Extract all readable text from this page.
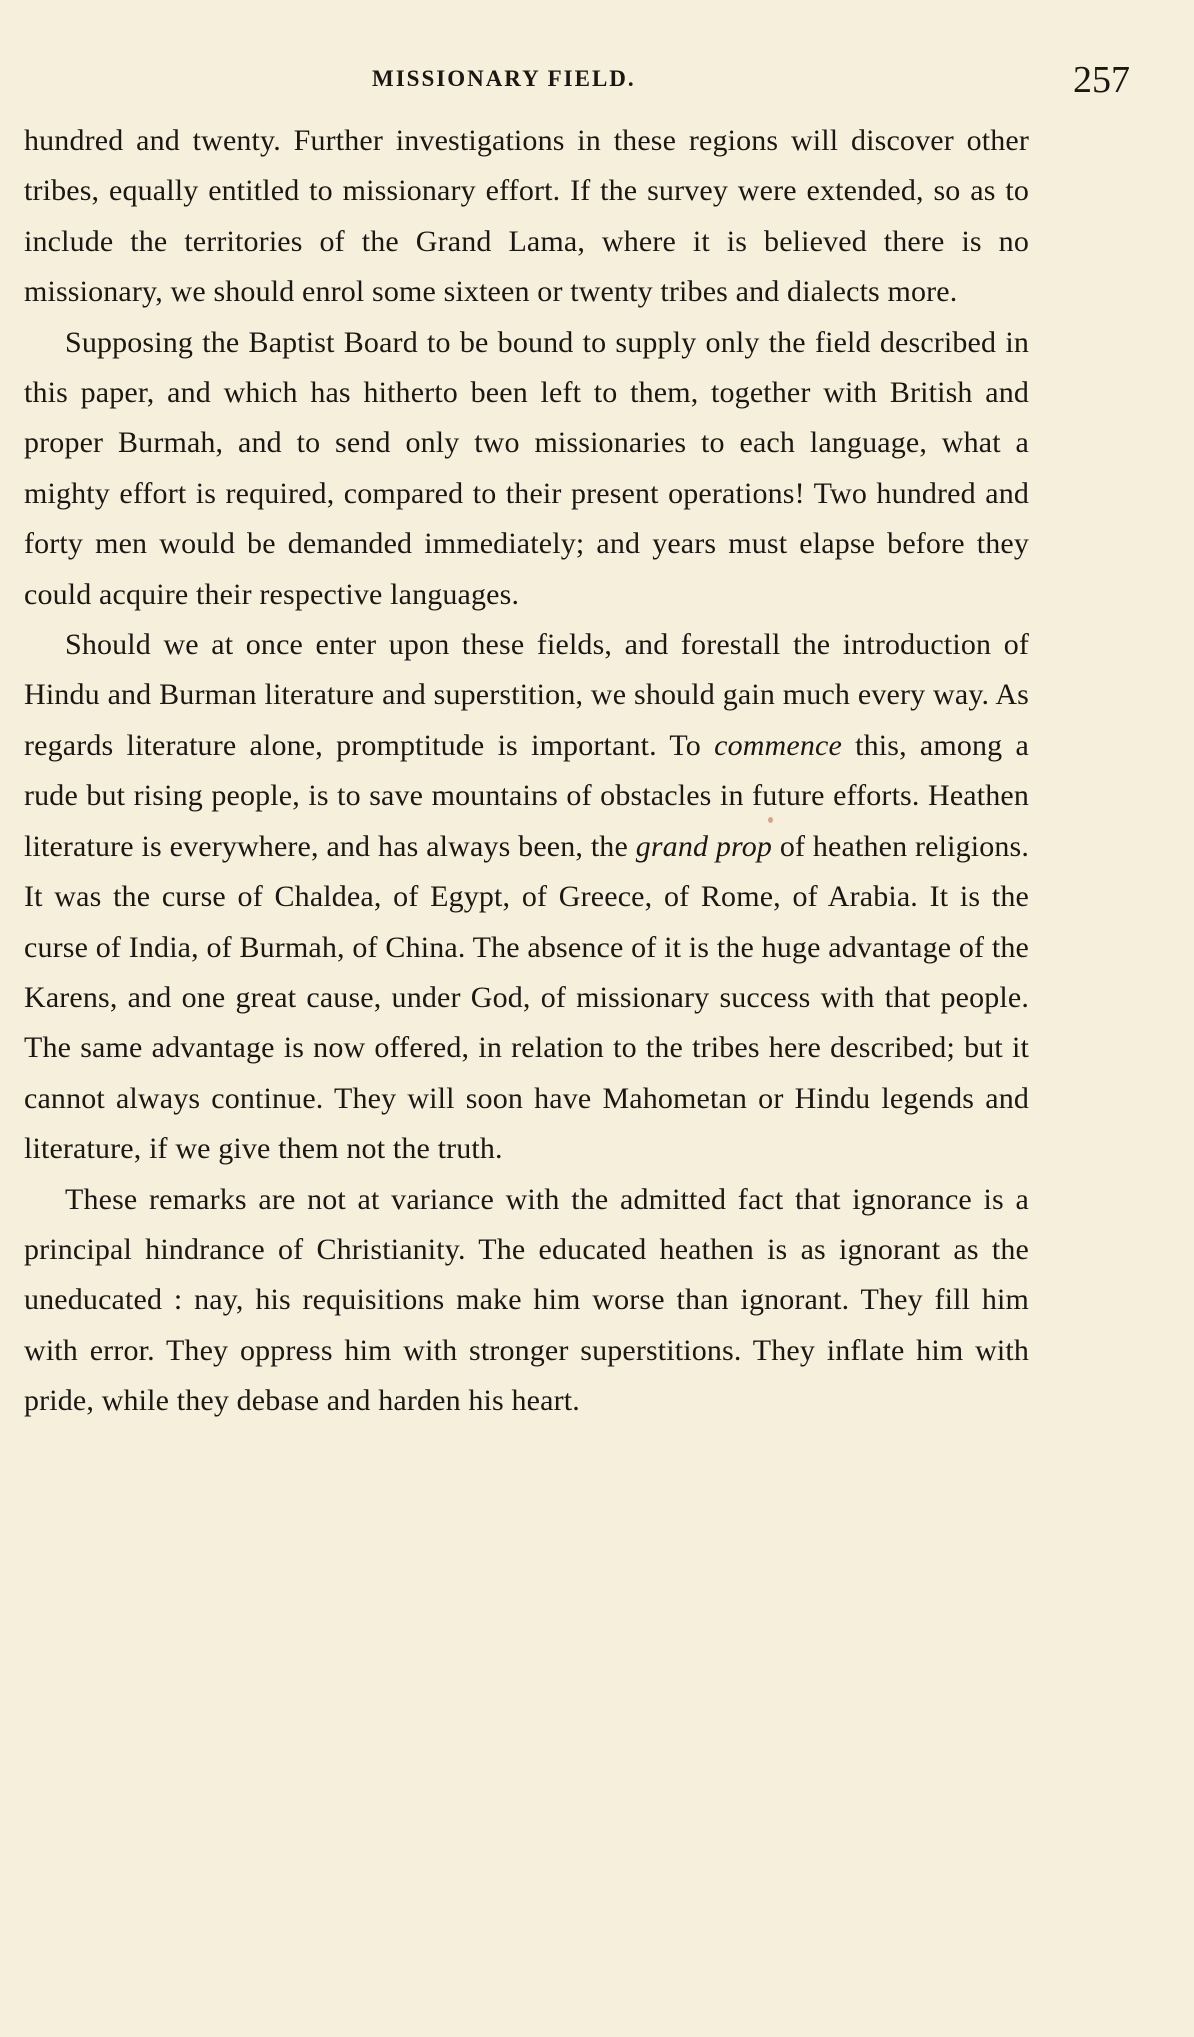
MISSIONARY FIELD.	257

hundred and twenty. Further investigations in these regions will discover other tribes, equally entitled to missionary effort. If the survey were extended, so as to include the territories of the Grand Lama, where it is believed there is no missionary, we should enrol some sixteen or twenty tribes and dialects more.

Supposing the Baptist Board to be bound to supply only the field described in this paper, and which has hitherto been left to them, together with British and proper Burmah, and to send only two missionaries to each language, what a mighty effort is required, compared to their present operations! Two hundred and forty men would be demanded immediately; and years must elapse before they could acquire their respective languages.

Should we at once enter upon these fields, and forestall the introduction of Hindu and Burman literature and superstition, we should gain much every way. As regards literature alone, promptitude is important. To commence this, among a rude but rising people, is to save mountains of obstacles in future efforts. Heathen literature is everywhere, and has always been, the grand prop of heathen religions. It was the curse of Chaldea, of Egypt, of Greece, of Rome, of Arabia. It is the curse of India, of Burmah, of China. The absence of it is the huge advantage of the Karens, and one great cause, under God, of missionary success with that people. The same advantage is now offered, in relation to the tribes here described; but it cannot always continue. They will soon have Mahometan or Hindu legends and literature, if we give them not the truth.

These remarks are not at variance with the admitted fact that ignorance is a principal hindrance of Christianity. The educated heathen is as ignorant as the uneducated : nay, his requisitions make him worse than ignorant. They fill him with error. They oppress him with stronger superstitions. They inflate him with pride, while they debase and harden his heart.
